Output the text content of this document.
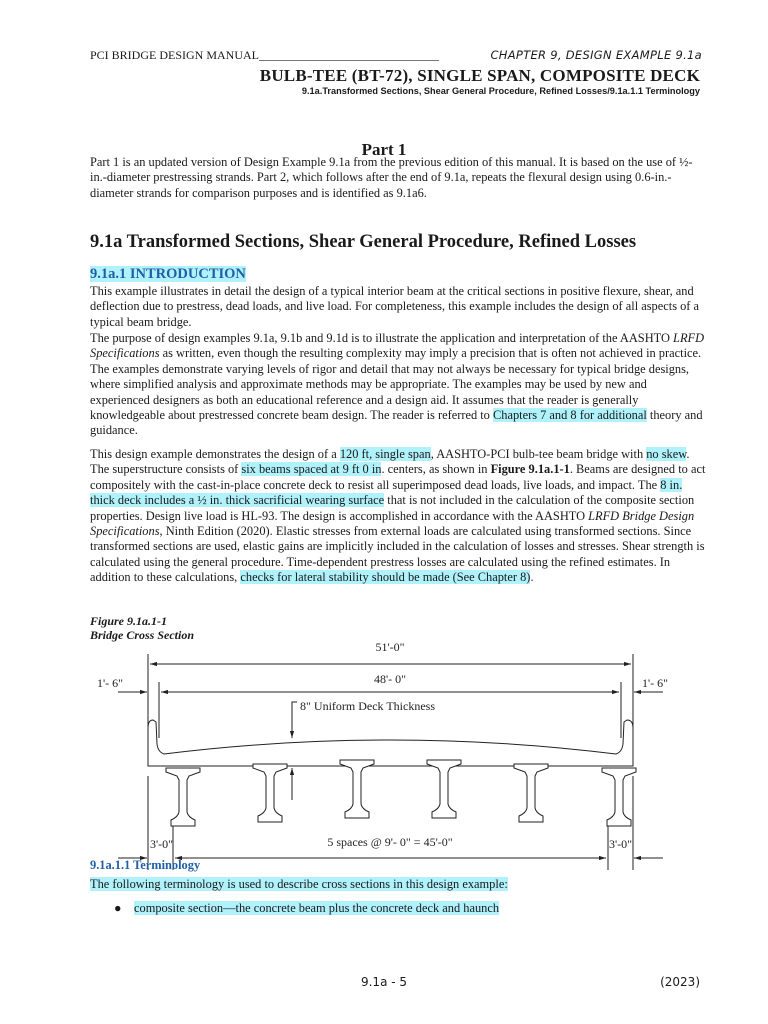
PCI BRIDGE DESIGN MANUAL______________________________	CHAPTER 9, DESIGN EXAMPLE 9.1a
BULB-TEE (BT-72), SINGLE SPAN, COMPOSITE DECK
9.1a.Transformed Sections, Shear General Procedure, Refined Losses/9.1a.1.1 Terminology
Part 1
Part 1 is an updated version of Design Example 9.1a from the previous edition of this manual. It is based on the use of ½-in.-diameter prestressing strands. Part 2, which follows after the end of 9.1a, repeats the flexural design using 0.6-in.-diameter strands for comparison purposes and is identified as 9.1a6.
9.1a Transformed Sections, Shear General Procedure, Refined Losses
9.1a.1 INTRODUCTION
This example illustrates in detail the design of a typical interior beam at the critical sections in positive flexure, shear, and deflection due to prestress, dead loads, and live load. For completeness, this example includes the design of all aspects of a typical beam bridge.
The purpose of design examples 9.1a, 9.1b and 9.1d is to illustrate the application and interpretation of the AASHTO LRFD Specifications as written, even though the resulting complexity may imply a precision that is often not achieved in practice. The examples demonstrate varying levels of rigor and detail that may not always be necessary for typical bridge designs, where simplified analysis and approximate methods may be appropriate. The examples may be used by new and experienced designers as both an educational reference and a design aid. It assumes that the reader is generally knowledgeable about prestressed concrete beam design. The reader is referred to Chapters 7 and 8 for additional theory and guidance.
This design example demonstrates the design of a 120 ft, single span, AASHTO-PCI bulb-tee beam bridge with no skew. The superstructure consists of six beams spaced at 9 ft 0 in. centers, as shown in Figure 9.1a.1-1. Beams are designed to act compositely with the cast-in-place concrete deck to resist all superimposed dead loads, live loads, and impact. The 8 in. thick deck includes a ½ in. thick sacrificial wearing surface that is not included in the calculation of the composite section properties. Design live load is HL-93. The design is accomplished in accordance with the AASHTO LRFD Bridge Design Specifications, Ninth Edition (2020). Elastic stresses from external loads are calculated using transformed sections. Since transformed sections are used, elastic gains are implicitly included in the calculation of losses and stresses. Shear strength is calculated using the general procedure. Time-dependent prestress losses are calculated using the refined estimates. In addition to these calculations, checks for lateral stability should be made (See Chapter 8).
Figure 9.1a.1-1
Bridge Cross Section
51'-0"
48'- 0"
1'- 6"	1'- 6"
8" Uniform Deck Thickness
3'-0"	3'-0"
5 spaces @ 9'- 0" = 45'-0"
9.1a.1.1 Terminology
The following terminology is used to describe cross sections in this design example:
● composite section—the concrete beam plus the concrete deck and haunch
9.1a - 5	(2023)
